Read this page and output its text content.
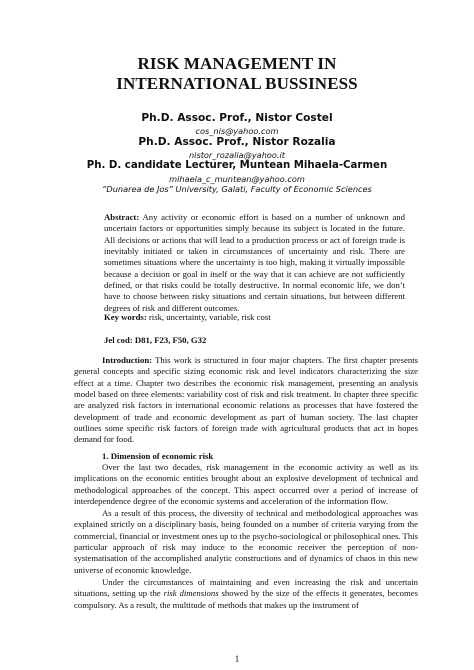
RISK MANAGEMENT IN
INTERNATIONAL BUSSINESS
Ph.D. Assoc. Prof., Nistor Costel
cos_nis@yahoo.com
Ph.D. Assoc. Prof., Nistor Rozalia
nistor_rozalia@yahoo.it
Ph. D. candidate Lecturer, Muntean Mihaela-Carmen
mihaela_c_muntean@yahoo.com
“Dunarea de Jos” University, Galati, Faculty of Economic Sciences

Abstract: Any activity or economic effort is based on a number of unknown and uncertain factors or opportunities simply because its subject is located in the future. All decisions or actions that will lead to a production process or act of foreign trade is inevitably initiated or taken in circumstances of uncertainty and risk. There are sometimes situations where the uncertainty is too high, making it virtually impossible because a decision or goal in itself or the way that it can achieve are not sufficiently defined, or that risks could be totally destructive. In normal economic life, we don’t have to choose between risky situations and certain situations, but between different degrees of risk and different outcomes.

Key words: risk, uncertainty, variable, risk cost

Jel cod: D81, F23, F50, G32

Introduction: This work is structured in four major chapters. The first chapter presents general concepts and specific sizing economic risk and level indicators characterizing the size effect at a time. Chapter two describes the economic risk management, presenting an analysis model based on three elements: variability cost of risk and risk treatment. In chapter three specific are analyzed risk factors in international economic relations as processes that have fostered the development of trade and economic development as part of human society. The last chapter outlines some specific risk factors of foreign trade with agricultural products that act in hopes demand for food.

1. Dimension of economic risk

Over the last two decades, risk management in the economic activity as well as its implications on the economic entities brought about an explosive development of technical and methodological approaches of the concept. This aspect occurred over a period of increase of interdependence degree of the economic systems and acceleration of the information flow.

As a result of this process, the diversity of technical and methodological approaches was explained strictly on a disciplinary basis, being founded on a number of criteria varying from the commercial, financial or investment ones up to the psycho-sociological or philosophical ones. This particular approach of risk may induce to the economic receiver the perception of non-systematisation of the accomplished analytic constructions and of dynamics of chaos in this new universe of economic knowledge.

Under the circumstances of maintaining and even increasing the risk and uncertain situations, setting up the risk dimensions showed by the size of the effects it generates, becomes compulsory. As a result, the multitude of methods that makes up the instrument of

1
